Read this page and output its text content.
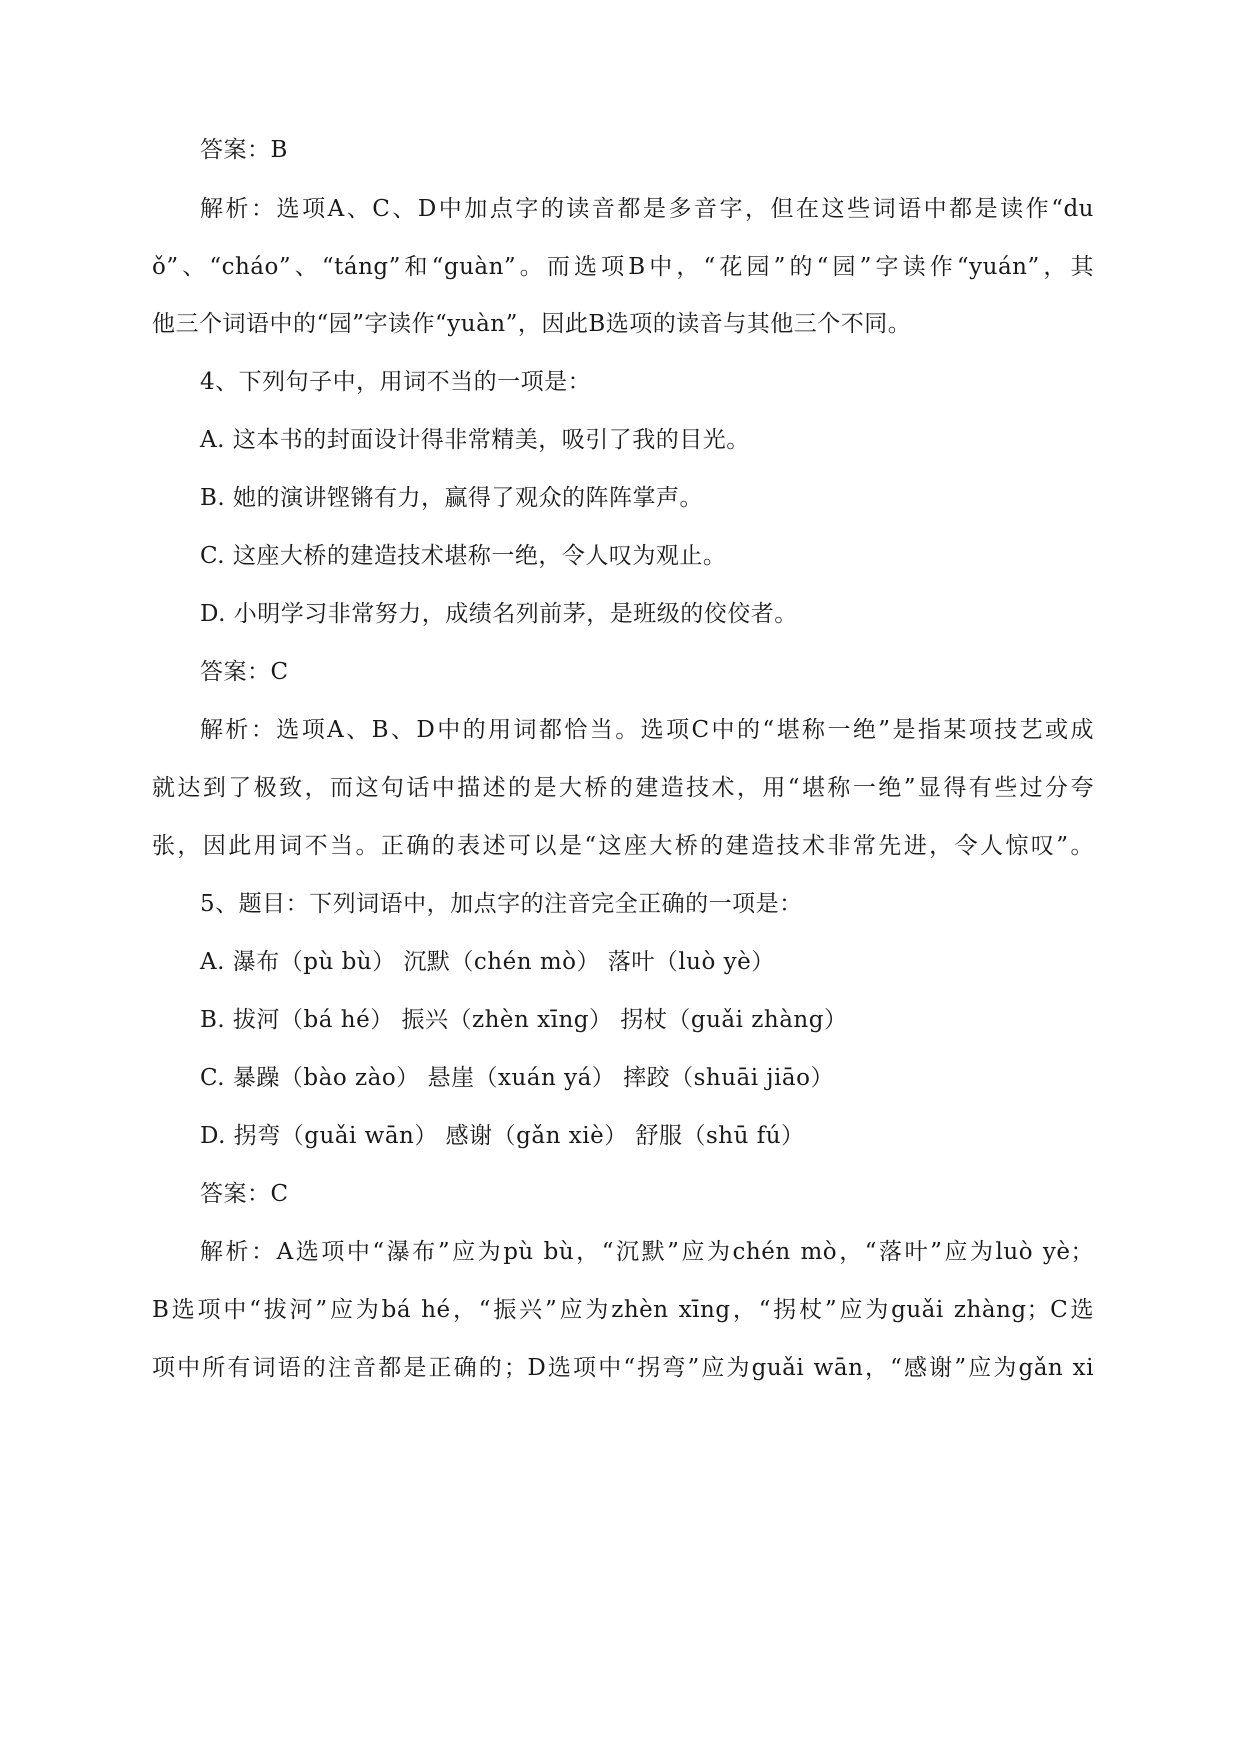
答案：B
解析：选项A、C、D中加点字的读音都是多音字，但在这些词语中都是读作“du
ǒ”、“cháo”、“táng”和“guàn”。而选项B中，“花园”的“园”字读作“yuán”，其
他三个词语中的“园”字读作“yuàn”，因此B选项的读音与其他三个不同。
4、下列句子中，用词不当的一项是：
A. 这本书的封面设计得非常精美，吸引了我的目光。
B. 她的演讲铿锵有力，赢得了观众的阵阵掌声。
C. 这座大桥的建造技术堪称一绝，令人叹为观止。
D. 小明学习非常努力，成绩名列前茅，是班级的佼佼者。
答案：C
解析：选项A、B、D中的用词都恰当。选项C中的“堪称一绝”是指某项技艺或成
就达到了极致，而这句话中描述的是大桥的建造技术，用“堪称一绝”显得有些过分夸
张，因此用词不当。正确的表述可以是“这座大桥的建造技术非常先进，令人惊叹”。
5、题目：下列词语中，加点字的注音完全正确的一项是：
A. 瀑布（pù bù） 沉默（chén mò） 落叶（luò yè）
B. 拔河（bá hé） 振兴（zhèn xīng） 拐杖（guǎi zhàng）
C. 暴躁（bào zào） 悬崖（xuán yá） 摔跤（shuāi jiāo）
D. 拐弯（guǎi wān） 感谢（gǎn xiè） 舒服（shū fú）
答案：C
解析：A选项中“瀑布”应为pù bù，“沉默”应为chén mò，“落叶”应为luò yè；
B选项中“拔河”应为bá hé，“振兴”应为zhèn xīng，“拐杖”应为guǎi zhàng；C选
项中所有词语的注音都是正确的；D选项中“拐弯”应为guǎi wān，“感谢”应为gǎn xi
